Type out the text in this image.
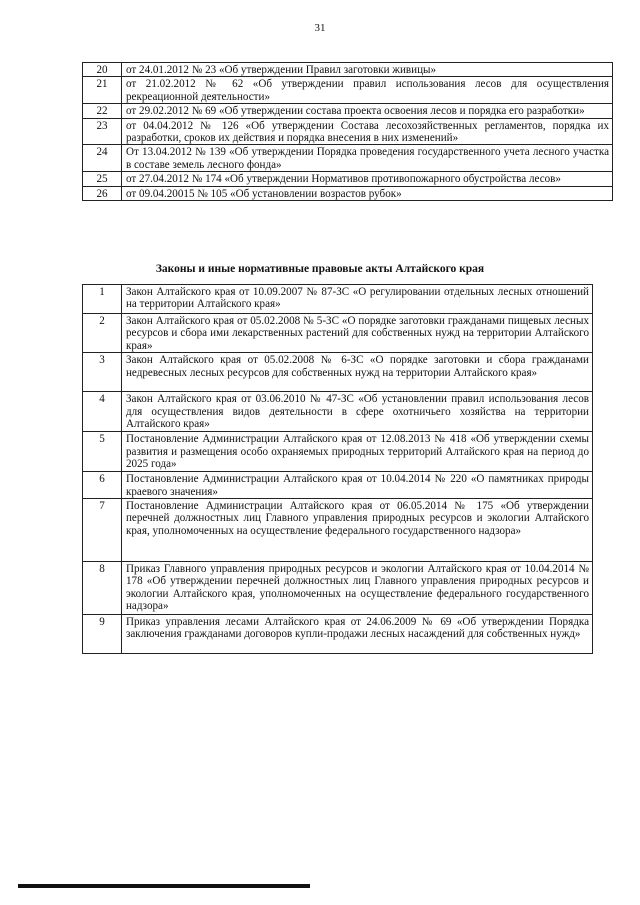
31
20	от 24.01.2012 № 23 «Об утверждении Правил заготовки живицы»
21	от 21.02.2012 № 62 «Об утверждении правил использования лесов для осуществления рекреационной деятельности»
22	от 29.02.2012 № 69 «Об утверждении состава проекта освоения лесов и порядка его разработки»
23	от 04.04.2012 № 126 «Об утверждении Состава лесохозяйственных регламентов, порядка их разработки, сроков их действия и порядка внесения в них изменений»
24	От 13.04.2012 № 139 «Об утверждении Порядка проведения государственного учета лесного участка в составе земель лесного фонда»
25	от 27.04.2012 № 174 «Об утверждении Нормативов противопожарного обустройства лесов»
26	от 09.04.20015 № 105 «Об установлении возрастов рубок»
Законы и иные нормативные правовые акты Алтайского края
1	Закон Алтайского края от 10.09.2007 № 87-ЗС «О регулировании отдельных лесных отношений на территории Алтайского края»
2	Закон Алтайского края от 05.02.2008 № 5-ЗС «О порядке заготовки гражданами пищевых лесных ресурсов и сбора ими лекарственных растений для собственных нужд на территории Алтайского края»
3	Закон Алтайского края от 05.02.2008 № 6-ЗС «О порядке заготовки и сбора гражданами недревесных лесных ресурсов для собственных нужд на территории Алтайского края»
4	Закон Алтайского края от 03.06.2010 № 47-ЗС «Об установлении правил использования лесов для осуществления видов деятельности в сфере охотничьего хозяйства на территории Алтайского края»
5	Постановление Администрации Алтайского края от 12.08.2013 № 418 «Об утверждении схемы развития и размещения особо охраняемых природных территорий Алтайского края на период до 2025 года»
6	Постановление Администрации Алтайского края от 10.04.2014 № 220 «О памятниках природы краевого значения»
7	Постановление Администрации Алтайского края от 06.05.2014 № 175 «Об утверждении перечней должностных лиц Главного управления природных ресурсов и экологии Алтайского края, уполномоченных на осуществление федерального государственного надзора»
8	Приказ Главного управления природных ресурсов и экологии Алтайского края от 10.04.2014 № 178 «Об утверждении перечней должностных лиц Главного управления природных ресурсов и экологии Алтайского края, уполномоченных на осуществление федерального государственного надзора»
9	Приказ управления лесами Алтайского края от 24.06.2009 № 69 «Об утверждении Порядка заключения гражданами договоров купли-продажи лесных насаждений для собственных нужд»
